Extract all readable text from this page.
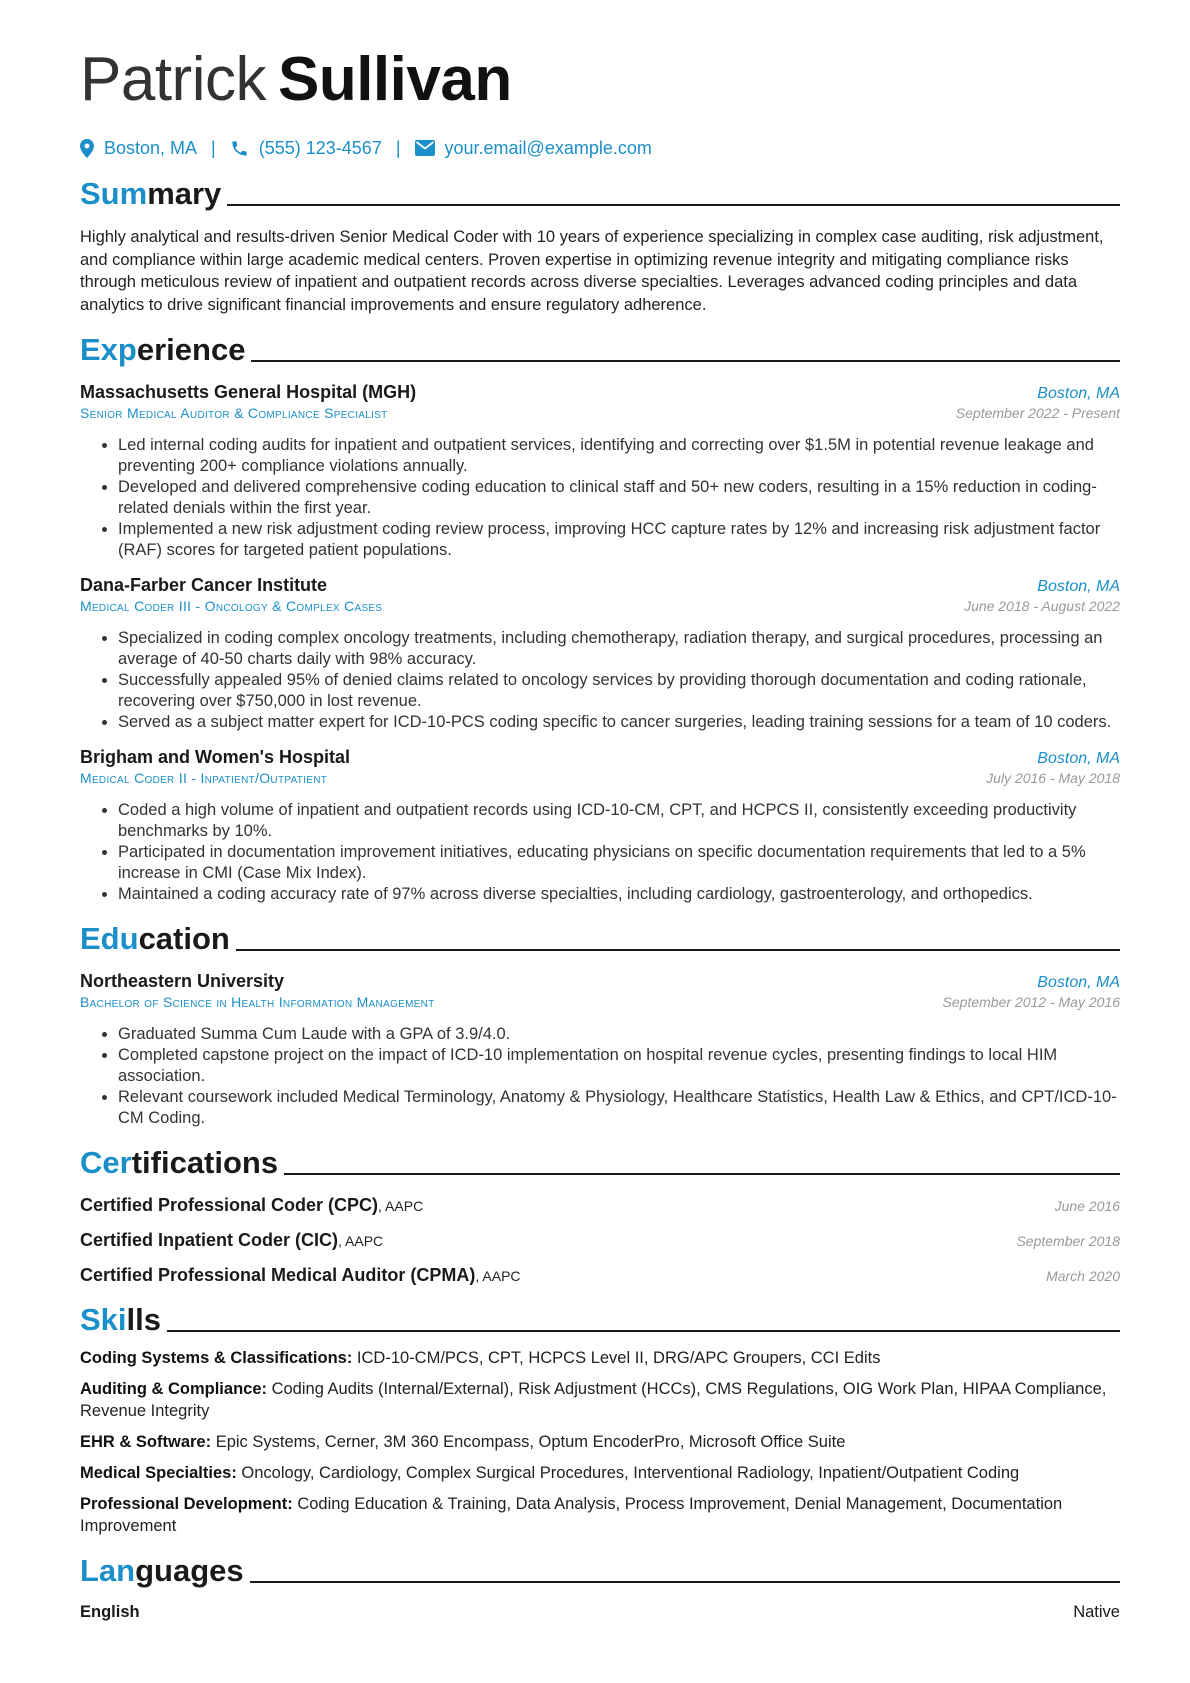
Patrick Sullivan
Boston, MA | (555) 123-4567 | your.email@example.com
Summary

Highly analytical and results-driven Senior Medical Coder with 10 years of experience specializing in complex case auditing, risk adjustment, and compliance within large academic medical centers. Proven expertise in optimizing revenue integrity and mitigating compliance risks through meticulous review of inpatient and outpatient records across diverse specialties. Leverages advanced coding principles and data analytics to drive significant financial improvements and ensure regulatory adherence.

Experience
Massachusetts General Hospital (MGH)	Boston, MA
Senior Medical Auditor & Compliance Specialist	September 2022 - Present
• Led internal coding audits for inpatient and outpatient services, identifying and correcting over $1.5M in potential revenue leakage and preventing 200+ compliance violations annually.
• Developed and delivered comprehensive coding education to clinical staff and 50+ new coders, resulting in a 15% reduction in coding-related denials within the first year.
• Implemented a new risk adjustment coding review process, improving HCC capture rates by 12% and increasing risk adjustment factor (RAF) scores for targeted patient populations.
Dana-Farber Cancer Institute	Boston, MA
Medical Coder III - Oncology & Complex Cases	June 2018 - August 2022
• Specialized in coding complex oncology treatments, including chemotherapy, radiation therapy, and surgical procedures, processing an average of 40-50 charts daily with 98% accuracy.
• Successfully appealed 95% of denied claims related to oncology services by providing thorough documentation and coding rationale, recovering over $750,000 in lost revenue.
• Served as a subject matter expert for ICD-10-PCS coding specific to cancer surgeries, leading training sessions for a team of 10 coders.
Brigham and Women's Hospital	Boston, MA
Medical Coder II - Inpatient/Outpatient	July 2016 - May 2018
• Coded a high volume of inpatient and outpatient records using ICD-10-CM, CPT, and HCPCS II, consistently exceeding productivity benchmarks by 10%.
• Participated in documentation improvement initiatives, educating physicians on specific documentation requirements that led to a 5% increase in CMI (Case Mix Index).
• Maintained a coding accuracy rate of 97% across diverse specialties, including cardiology, gastroenterology, and orthopedics.
Education
Northeastern University	Boston, MA
Bachelor of Science in Health Information Management	September 2012 - May 2016
• Graduated Summa Cum Laude with a GPA of 3.9/4.0.
• Completed capstone project on the impact of ICD-10 implementation on hospital revenue cycles, presenting findings to local HIM association.
• Relevant coursework included Medical Terminology, Anatomy & Physiology, Healthcare Statistics, Health Law & Ethics, and CPT/ICD-10-CM Coding.
Certifications
Certified Professional Coder (CPC), AAPC	June 2016
Certified Inpatient Coder (CIC), AAPC	September 2018
Certified Professional Medical Auditor (CPMA), AAPC	March 2020
Skills
Coding Systems & Classifications: ICD-10-CM/PCS, CPT, HCPCS Level II, DRG/APC Groupers, CCI Edits
Auditing & Compliance: Coding Audits (Internal/External), Risk Adjustment (HCCs), CMS Regulations, OIG Work Plan, HIPAA Compliance, Revenue Integrity
EHR & Software: Epic Systems, Cerner, 3M 360 Encompass, Optum EncoderPro, Microsoft Office Suite
Medical Specialties: Oncology, Cardiology, Complex Surgical Procedures, Interventional Radiology, Inpatient/Outpatient Coding
Professional Development: Coding Education & Training, Data Analysis, Process Improvement, Denial Management, Documentation Improvement
Languages
English	Native
